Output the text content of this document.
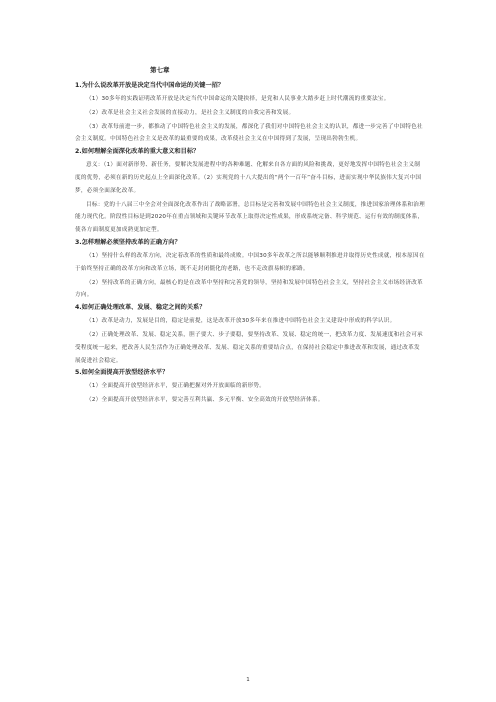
第七章
1.为什么说改革开放是决定当代中国命运的关键一招？
（1）30多年的实践证明改革开放是决定当代中国命运的关键抉择，是党和人民事业大踏步赶上时代潮流的重要法宝。
（2）改革是社会主义社会发展的直接动力，是社会主义制度的自我完善和发展。
（3）改革每前进一步，都推动了中国特色社会主义的发展，都深化了我们对中国特色社会主义的认识，都进一步完善了中国特色社会主义制度。中国特色社会主义是改革的最重要的成果，改革使社会主义在中国得到了发展，呈现出勃勃生机。
2.如何理解全面深化改革的重大意义和目标？
意义：（1）面对新形势、新任务，要解决发展进程中的各种难题、化解来自各方面的风险和挑战，更好地发挥中国特色社会主义制度的优势，必须在新的历史起点上全面深化改革。（2）实现党的十八大提出的“两个一百年”奋斗目标，进而实现中华民族伟大复兴中国梦，必须全面深化改革。
目标：党的十八届三中全会对全面深化改革作出了战略部署，总目标是完善和发展中国特色社会主义制度，推进国家治理体系和治理能力现代化。阶段性目标是到2020年在重点领域和关键环节改革上取得决定性成果，形成系统完备、科学规范、运行有效的制度体系，使各方面制度更加成熟更加定型。
3.怎样理解必须坚持改革的正确方向？
（1）坚持什么样的改革方向，决定着改革的性质和最终成败。中国30多年改革之所以能够顺利推进并取得历史性成就，根本原因在于始终坚持正确的改革方向和改革立场，既不走封闭僵化的老路，也不走改旗易帜的邪路。
（2）坚持改革的正确方向，最核心的是在改革中坚持和完善党的领导，坚持和发展中国特色社会主义，坚持社会主义市场经济改革方向。
4.如何正确处理改革、发展、稳定之间的关系？
（1）改革是动力，发展是目的，稳定是前提，这是改革开放30多年来在推进中国特色社会主义建设中形成的科学认识。
（2）正确处理改革、发展、稳定关系，胆子要大、步子要稳，要坚持改革、发展、稳定的统一，把改革力度、发展速度和社会可承受程度统一起来，把改善人民生活作为正确处理改革、发展、稳定关系的重要结合点，在保持社会稳定中推进改革和发展，通过改革发展促进社会稳定。
5.如何全面提高开放型经济水平？
（1）全面提高开放型经济水平，要正确把握对外开放面临的新形势。
（2）全面提高开放型经济水平，要完善互利共赢、多元平衡、安全高效的开放型经济体系。
1
